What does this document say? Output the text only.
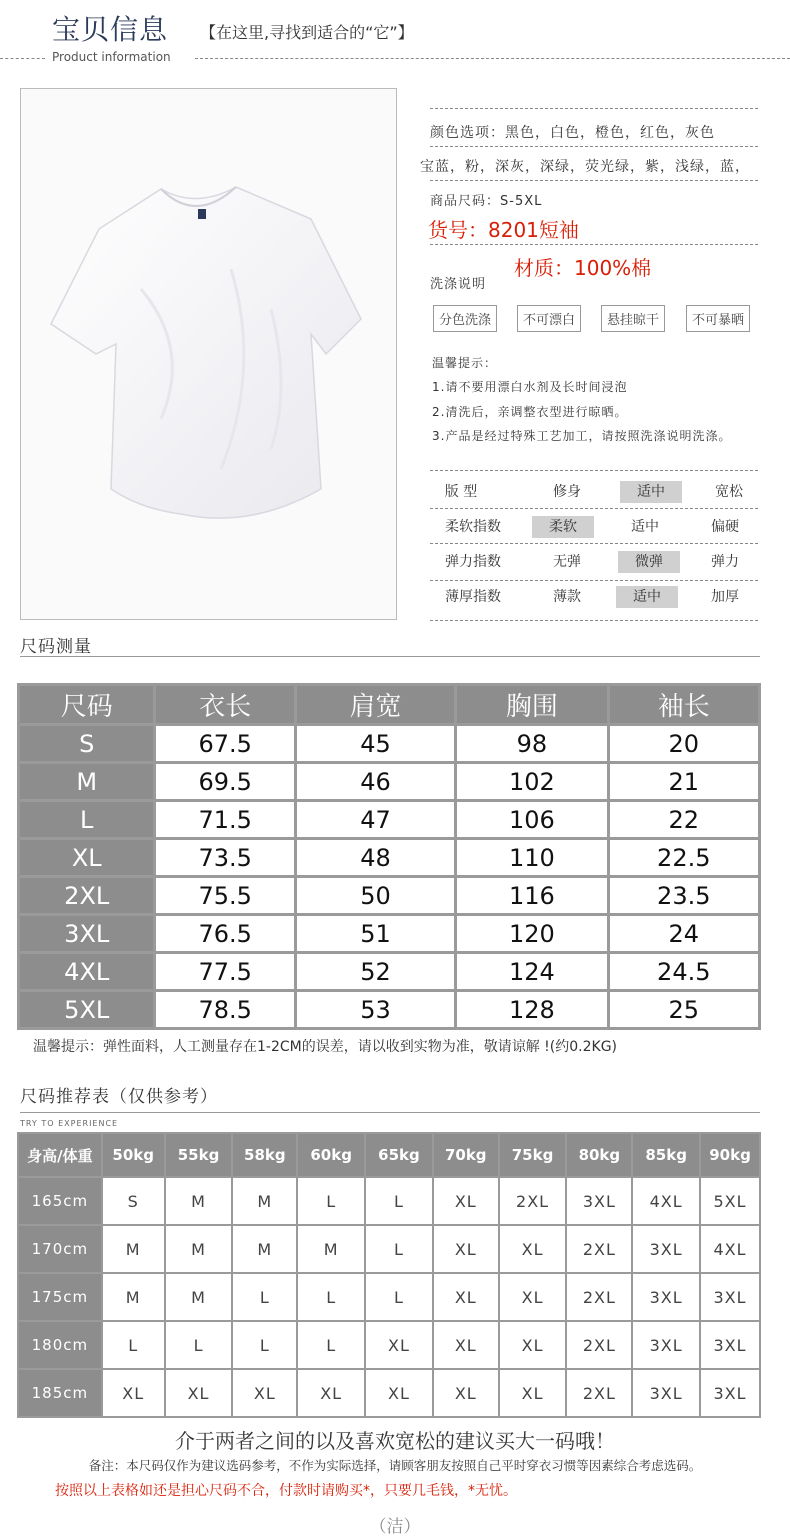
宝贝信息 【在这里,寻找到适合的“它”】
Product information
颜色选项：黑色，白色，橙色，红色，灰色
宝蓝，粉，深灰，深绿，荧光绿，紫，浅绿，蓝，
商品尺码：S-5XL
货号：8201短袖
材质：100%棉
洗涤说明
分色洗涤	不可漂白	悬挂晾干	不可暴晒
温馨提示：
1.请不要用漂白水剂及长时间浸泡
2.清洗后，亲调整衣型进行晾晒。
3.产品是经过特殊工艺加工，请按照洗涤说明洗涤。
版 型	修身	适中	宽松
柔软指数	柔软	适中	偏硬
弹力指数	无弹	微弹	弹力
薄厚指数	薄款	适中	加厚
尺码测量
尺码	衣长	肩宽	胸围	袖长
S	67.5	45	98	20
M	69.5	46	102	21
L	71.5	47	106	22
XL	73.5	48	110	22.5
2XL	75.5	50	116	23.5
3XL	76.5	51	120	24
4XL	77.5	52	124	24.5
5XL	78.5	53	128	25
温馨提示：弹性面料，人工测量存在1-2CM的误差，请以收到实物为准，敬请谅解 !(约0.2KG)
尺码推荐表（仅供参考）
TRY TO EXPERIENCE
身高/体重	50kg	55kg	58kg	60kg	65kg	70kg	75kg	80kg	85kg	90kg
165cm	S	M	M	L	L	XL	2XL	3XL	4XL	5XL
170cm	M	M	M	M	L	XL	XL	2XL	3XL	4XL
175cm	M	M	L	L	L	XL	XL	2XL	3XL	3XL
180cm	L	L	L	L	XL	XL	XL	2XL	3XL	3XL
185cm	XL	XL	XL	XL	XL	XL	XL	2XL	3XL	3XL
介于两者之间的以及喜欢宽松的建议买大一码哦！
备注：本尺码仅作为建议选码参考，不作为实际选择，请顾客朋友按照自己平时穿衣习惯等因素综合考虑选码。
按照以上表格如还是担心尺码不合，付款时请购买*，只要几毛钱，*无忧。
（洁）
